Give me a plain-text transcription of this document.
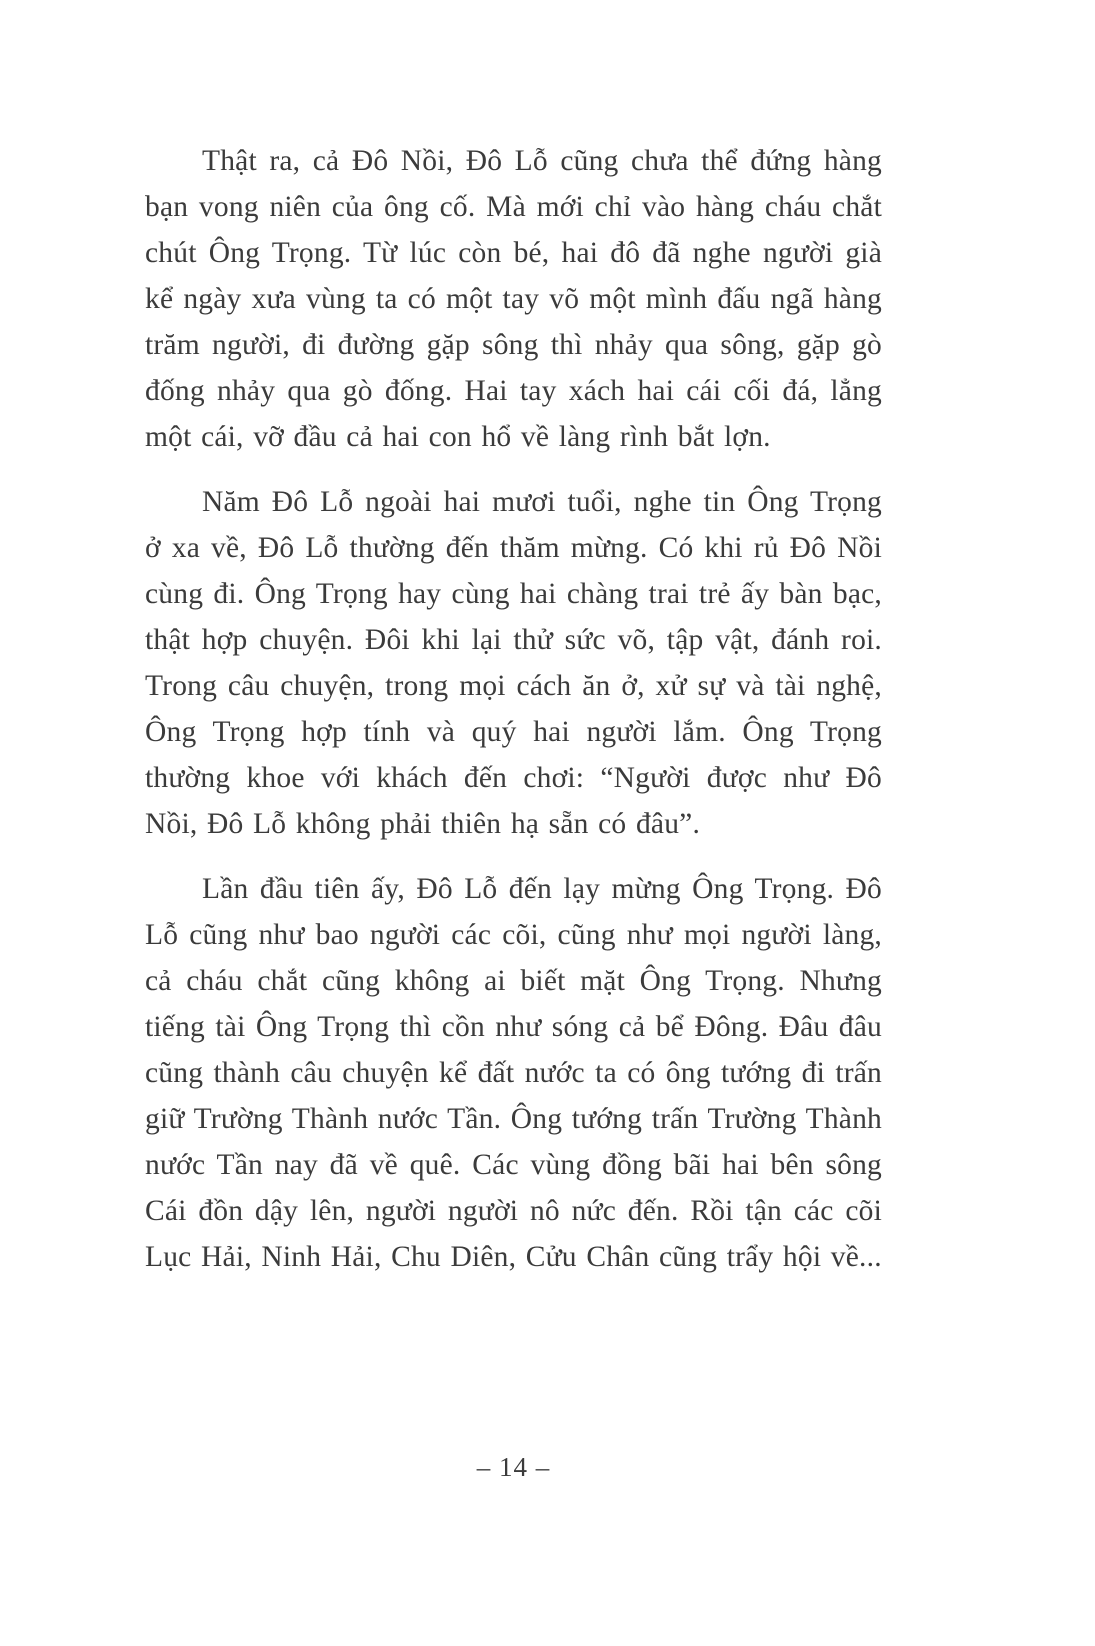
Thật ra, cả Đô Nồi, Đô Lỗ cũng chưa thể đứng hàng bạn vong niên của ông cố. Mà mới chỉ vào hàng cháu chắt chút Ông Trọng. Từ lúc còn bé, hai đô đã nghe người già kể ngày xưa vùng ta có một tay võ một mình đấu ngã hàng trăm người, đi đường gặp sông thì nhảy qua sông, gặp gò đống nhảy qua gò đống. Hai tay xách hai cái cối đá, lẳng một cái, vỡ đầu cả hai con hổ về làng rình bắt lợn.

Năm Đô Lỗ ngoài hai mươi tuổi, nghe tin Ông Trọng ở xa về, Đô Lỗ thường đến thăm mừng. Có khi rủ Đô Nồi cùng đi. Ông Trọng hay cùng hai chàng trai trẻ ấy bàn bạc, thật hợp chuyện. Đôi khi lại thử sức võ, tập vật, đánh roi. Trong câu chuyện, trong mọi cách ăn ở, xử sự và tài nghệ, Ông Trọng hợp tính và quý hai người lắm. Ông Trọng thường khoe với khách đến chơi: “Người được như Đô Nồi, Đô Lỗ không phải thiên hạ sẵn có đâu”.

Lần đầu tiên ấy, Đô Lỗ đến lạy mừng Ông Trọng. Đô Lỗ cũng như bao người các cõi, cũng như mọi người làng, cả cháu chắt cũng không ai biết mặt Ông Trọng. Nhưng tiếng tài Ông Trọng thì cồn như sóng cả bể Đông. Đâu đâu cũng thành câu chuyện kể đất nước ta có ông tướng đi trấn giữ Trường Thành nước Tần. Ông tướng trấn Trường Thành nước Tần nay đã về quê. Các vùng đồng bãi hai bên sông Cái đồn dậy lên, người người nô nức đến. Rồi tận các cõi Lục Hải, Ninh Hải, Chu Diên, Cửu Chân cũng trẩy hội về...

– 14 –
